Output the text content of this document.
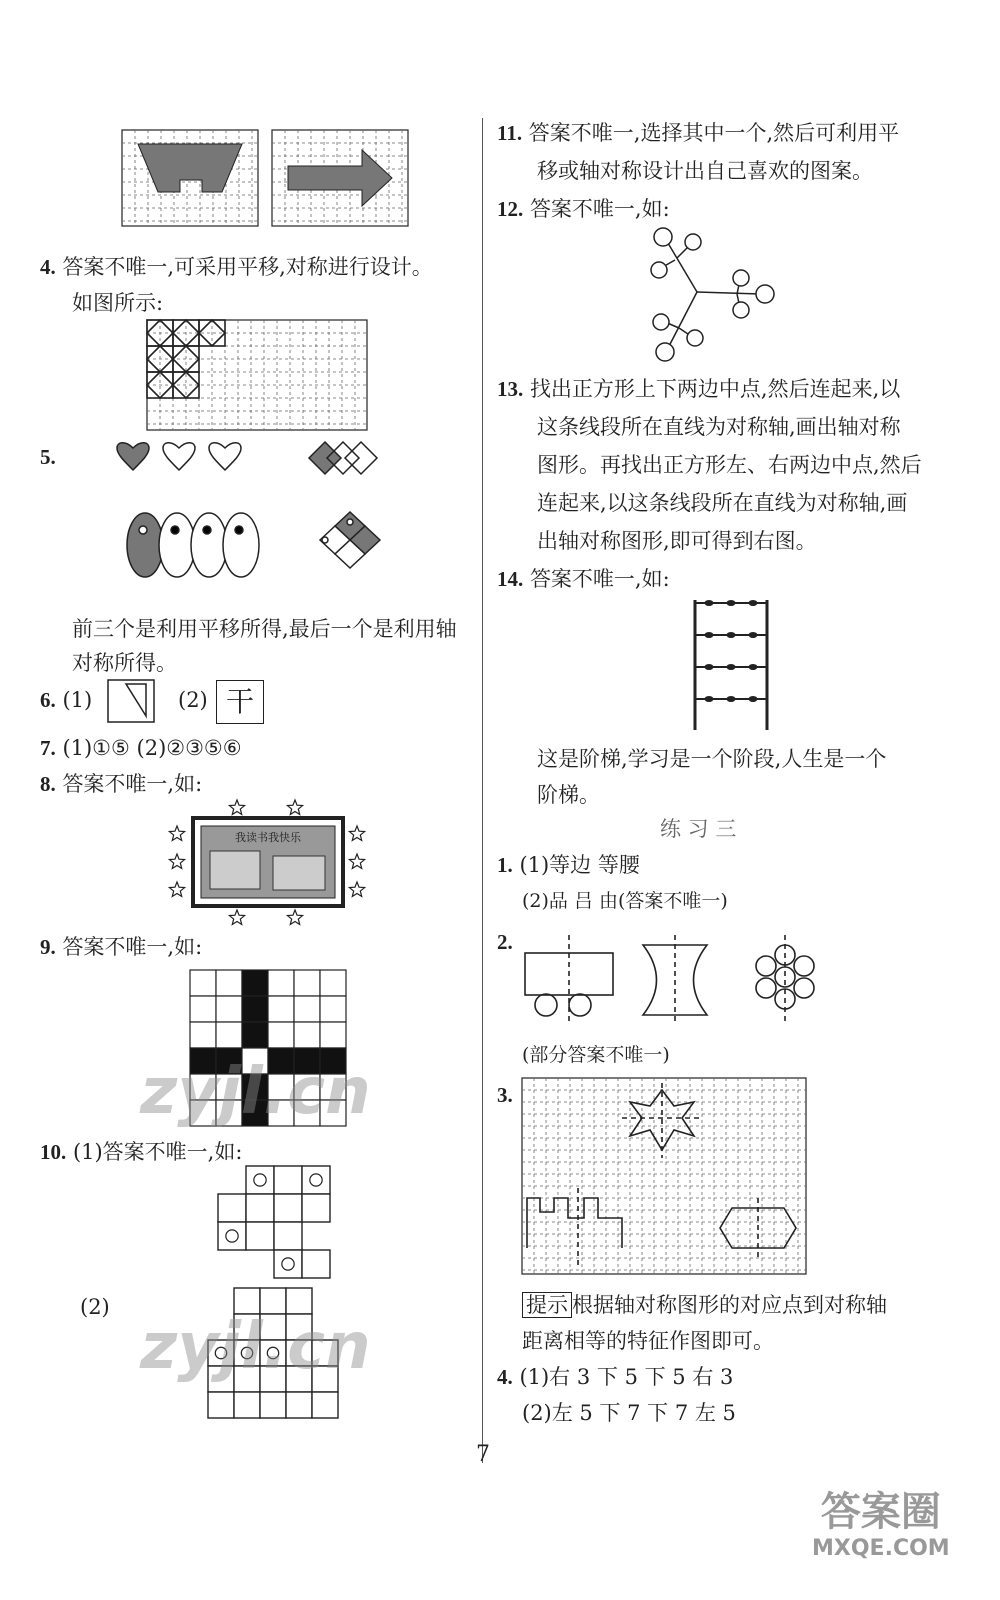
4. 答案不唯一,可采用平移,对称进行设计。
如图所示:
5.
前三个是利用平移所得,最后一个是利用轴
对称所得。
6. (1)	(2) 干
7. (1)①⑤ (2)②③⑤⑥
8. 答案不唯一,如:
我读书我快乐
9. 答案不唯一,如:
zyjl.cn
10. (1)答案不唯一,如:
(2)
zyjl.cn
11. 答案不唯一,选择其中一个,然后可利用平
移或轴对称设计出自己喜欢的图案。
12. 答案不唯一,如:
13. 找出正方形上下两边中点,然后连起来,以
这条线段所在直线为对称轴,画出轴对称
图形。再找出正方形左、右两边中点,然后
连起来,以这条线段所在直线为对称轴,画
出轴对称图形,即可得到右图。
14. 答案不唯一,如:
这是阶梯,学习是一个阶段,人生是一个
阶梯。
练 习 三
1. (1)等边 等腰
(2)品 吕 由(答案不唯一)
2.
(部分答案不唯一)
3.
提示 根据轴对称图形的对应点到对称轴
距离相等的特征作图即可。
4. (1)右 3 下 5 下 5 右 3
(2)左 5 下 7 下 7 左 5
7
答案圈
MXQE.COM
